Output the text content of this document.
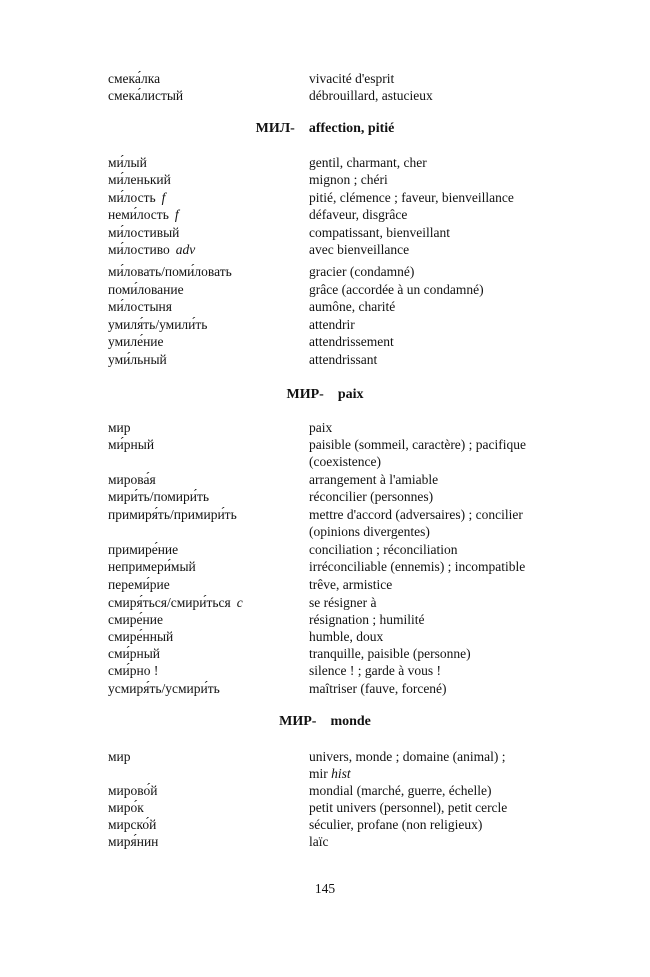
смека́лка	vivacité d'esprit
смека́листый	débrouillard, astucieux
МИЛ- affection, pitié
ми́лый	gentil, charmant, cher
ми́ленький	mignon ; chéri
ми́лость f	pitié, clémence ; faveur, bienveillance
неми́лость f	défaveur, disgrâce
ми́лостивый	compatissant, bienveillant
ми́лостиво adv	avec bienveillance
ми́ловать/поми́ловать	gracier (condamné)
поми́лование	grâce (accordée à un condamné)
ми́лостыня	aumône, charité
умиля́ть/умили́ть	attendrir
умиле́ние	attendrissement
уми́льный	attendrissant
МИР- paix
мир	paix
ми́рный	paisible (sommeil, caractère) ; pacifique
(coexistence)
мирова́я	arrangement à l'amiable
мири́ть/помири́ть	réconcilier (personnes)
примиря́ть/примири́ть	mettre d'accord (adversaires) ; concilier
(opinions divergentes)
примире́ние	conciliation ; réconciliation
непримери́мый	irréconciliable (ennemis) ; incompatible
переми́рие	trêve, armistice
смиря́ться/смири́ться c	se résigner à
смире́ние	résignation ; humilité
смире́нный	humble, doux
сми́рный	tranquille, paisible (personne)
сми́рно !	silence ! ; garde à vous !
усмиря́ть/усмири́ть	maîtriser (fauve, forcené)
МИР- monde
мир	univers, monde ; domaine (animal) ;
mir hist
мирово́й	mondial (marché, guerre, échelle)
миро́к	petit univers (personnel), petit cercle
мирско́й	séculier, profane (non religieux)
миря́нин	laïc
145
